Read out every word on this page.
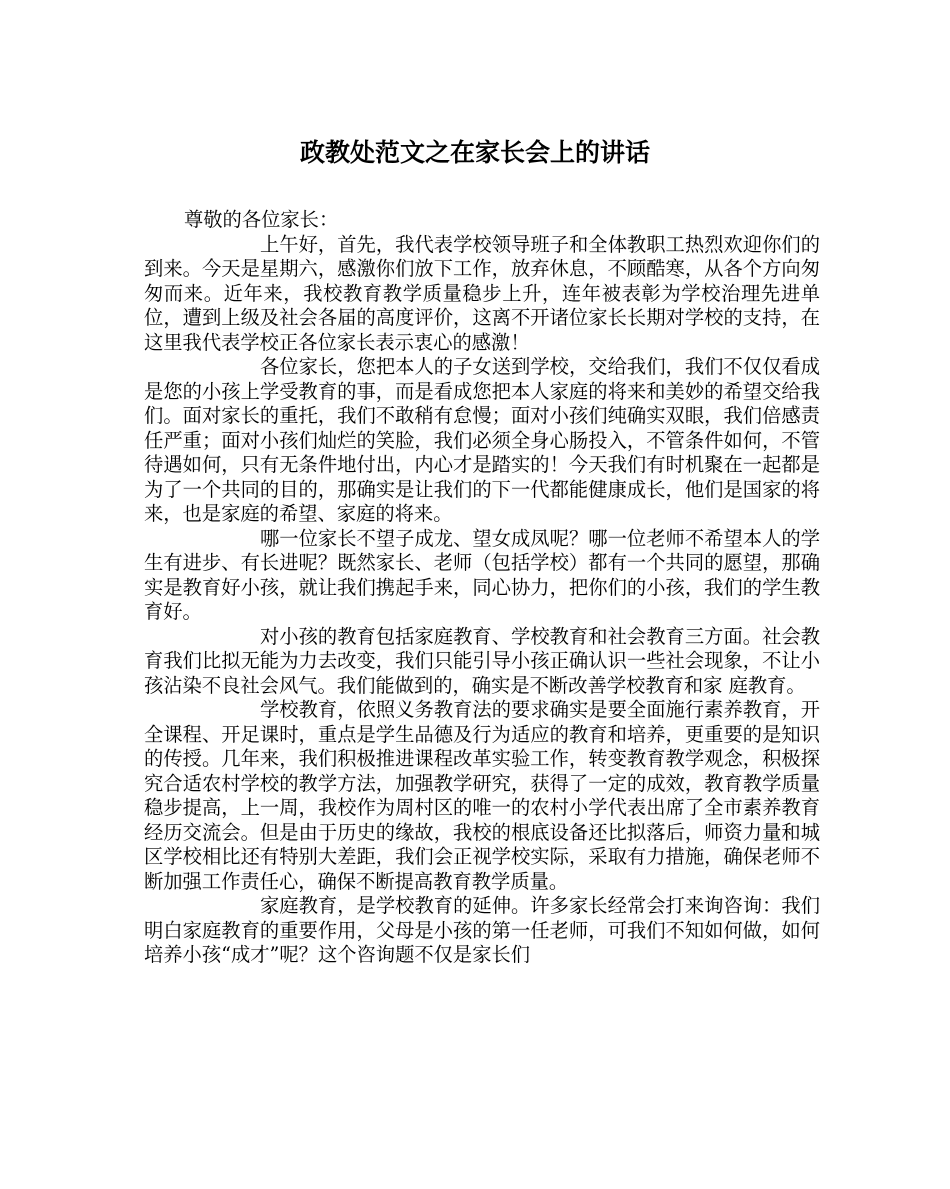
政教处范文之在家长会上的讲话

尊敬的各位家长：

上午好，首先，我代表学校领导班子和全体教职工热烈欢迎你们的到来。今天是星期六，感激你们放下工作，放弃休息，不顾酷寒，从各个方向匆匆而来。近年来，我校教育教学质量稳步上升，连年被表彰为学校治理先进单位，遭到上级及社会各届的高度评价，这离不开诸位家长长期对学校的支持，在这里我代表学校正各位家长表示衷心的感激！

各位家长，您把本人的子女送到学校，交给我们，我们不仅仅看成是您的小孩上学受教育的事，而是看成您把本人家庭的将来和美妙的希望交给我们。面对家长的重托，我们不敢稍有怠慢；面对小孩们纯确实双眼，我们倍感责任严重；面对小孩们灿烂的笑脸，我们必须全身心肠投入，不管条件如何，不管待遇如何，只有无条件地付出，内心才是踏实的！今天我们有时机聚在一起都是为了一个共同的目的，那确实是让我们的下一代都能健康成长，他们是国家的将来，也是家庭的希望、家庭的将来。

哪一位家长不望子成龙、望女成凤呢？哪一位老师不希望本人的学生有进步、有长进呢？既然家长、老师（包括学校）都有一个共同的愿望，那确实是教育好小孩，就让我们携起手来，同心协力，把你们的小孩，我们的学生教育好。

对小孩的教育包括家庭教育、学校教育和社会教育三方面。社会教育我们比拟无能为力去改变，我们只能引导小孩正确认识一些社会现象，不让小孩沾染不良社会风气。我们能做到的，确实是不断改善学校教育和家 庭教育。

学校教育，依照义务教育法的要求确实是要全面施行素养教育，开全课程、开足课时，重点是学生品德及行为适应的教育和培养，更重要的是知识的传授。几年来，我们积极推进课程改革实验工作，转变教育教学观念，积极探究合适农村学校的教学方法，加强教学研究，获得了一定的成效，教育教学质量稳步提高，上一周，我校作为周村区的唯一的农村小学代表出席了全市素养教育经历交流会。但是由于历史的缘故，我校的根底设备还比拟落后，师资力量和城区学校相比还有特别大差距，我们会正视学校实际，采取有力措施，确保老师不断加强工作责任心，确保不断提高教育教学质量。

家庭教育，是学校教育的延伸。许多家长经常会打来询咨询：我们明白家庭教育的重要作用，父母是小孩的第一任老师，可我们不知如何做，如何培养小孩“成才”呢？这个咨询题不仅是家长们
